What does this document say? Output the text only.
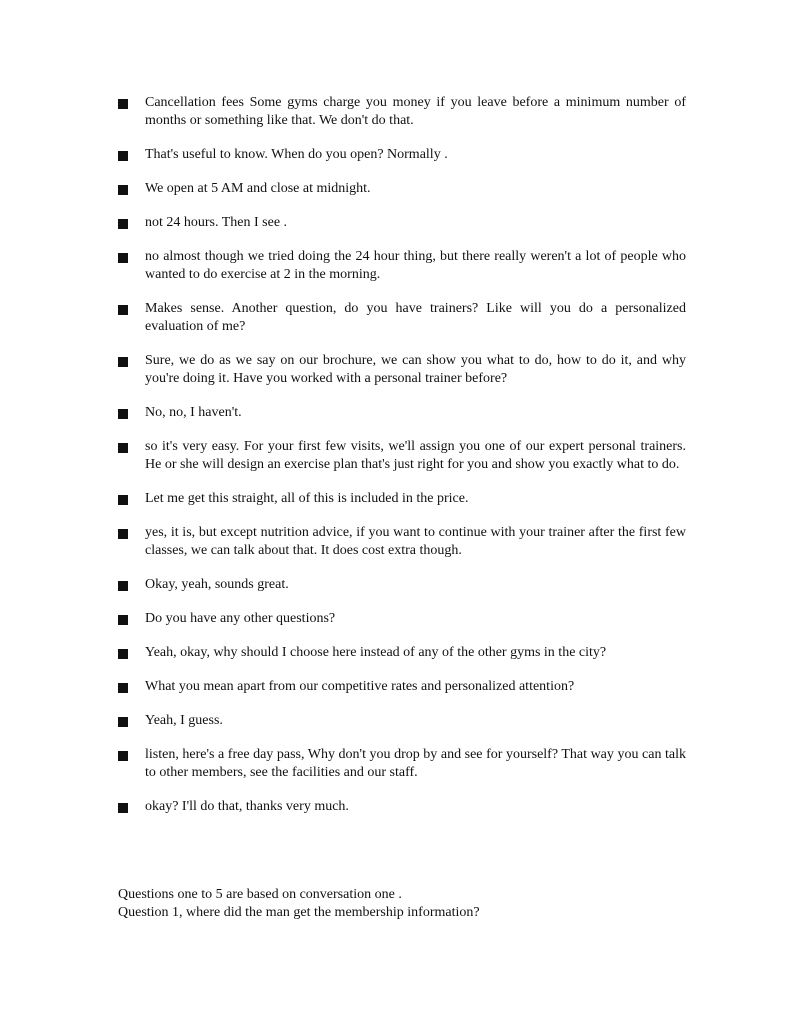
Cancellation fees Some gyms charge you money if you leave before a minimum number of months or something like that. We don't do that.
That's useful to know. When do you open? Normally .
We open at 5 AM and close at midnight.
not 24 hours. Then I see .
no almost though we tried doing the 24 hour thing, but there really weren't a lot of people who wanted to do exercise at 2 in the morning.
Makes sense. Another question, do you have trainers? Like will you do a personalized evaluation of me?
Sure, we do as we say on our brochure, we can show you what to do, how to do it, and why you're doing it. Have you worked with a personal trainer before?
No, no, I haven't.
so it's very easy. For your first few visits, we'll assign you one of our expert personal trainers. He or she will design an exercise plan that's just right for you and show you exactly what to do.
Let me get this straight, all of this is included in the price.
yes, it is, but except nutrition advice, if you want to continue with your trainer after the first few classes, we can talk about that. It does cost extra though.
Okay, yeah, sounds great.
Do you have any other questions?
Yeah, okay, why should I choose here instead of any of the other gyms in the city?
What you mean apart from our competitive rates and personalized attention?
Yeah, I guess.
listen, here's a free day pass, Why don't you drop by and see for yourself? That way you can talk to other members, see the facilities and our staff.
okay? I'll do that, thanks very much.

Questions one to 5 are based on conversation one .

Question 1, where did the man get the membership information?
